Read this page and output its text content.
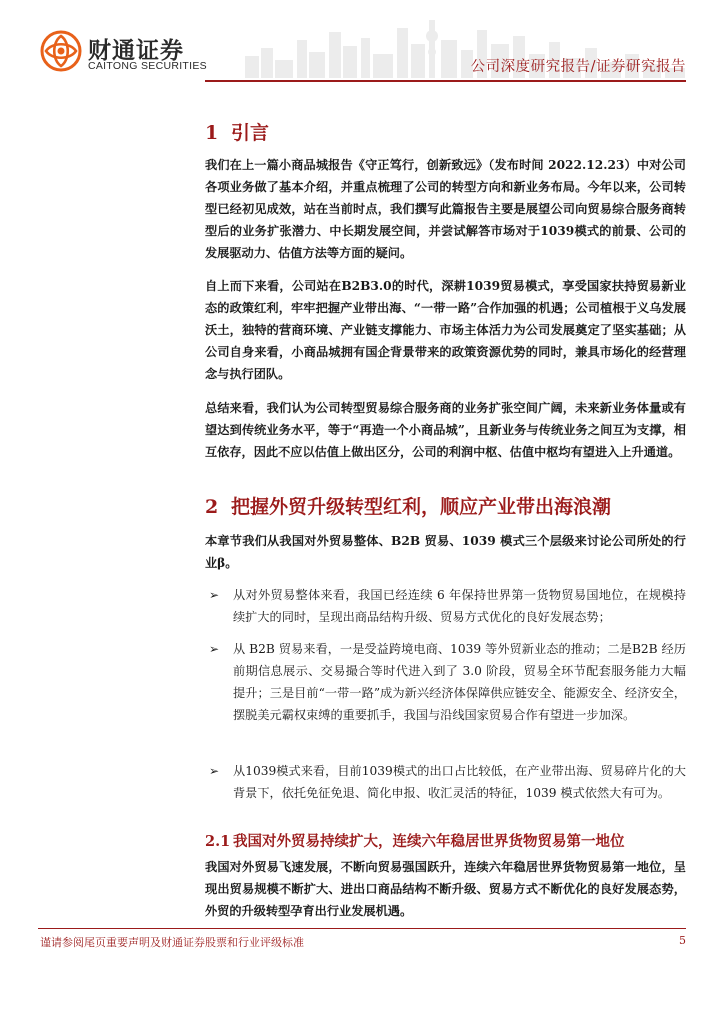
财通证券
CAITONG SECURITIES	公司深度研究报告/证券研究报告
1 引言

我们在上一篇小商品城报告《守正笃行，创新致远》（发布时间 2022.12.23）中对公司各项业务做了基本介绍，并重点梳理了公司的转型方向和新业务布局。今年以来，公司转型已经初见成效，站在当前时点，我们撰写此篇报告主要是展望公司向贸易综合服务商转型后的业务扩张潜力、中长期发展空间，并尝试解答市场对于1039模式的前景、公司的发展驱动力、估值方法等方面的疑问。

自上而下来看，公司站在B2B3.0的时代，深耕1039贸易模式，享受国家扶持贸易新业态的政策红利，牢牢把握产业带出海、“一带一路”合作加强的机遇；公司植根于义乌发展沃土，独特的营商环境、产业链支撑能力、市场主体活力为公司发展奠定了坚实基础；从公司自身来看，小商品城拥有国企背景带来的政策资源优势的同时，兼具市场化的经营理念与执行团队。

总结来看，我们认为公司转型贸易综合服务商的业务扩张空间广阔，未来新业务体量或有望达到传统业务水平，等于“再造一个小商品城”，且新业务与传统业务之间互为支撑，相互依存，因此不应以估值上做出区分，公司的利润中枢、估值中枢均有望进入上升通道。

2 把握外贸升级转型红利，顺应产业带出海浪潮

本章节我们从我国对外贸易整体、B2B 贸易、1039 模式三个层级来讨论公司所处的行业β。

➢ 从对外贸易整体来看，我国已经连续 6 年保持世界第一货物贸易国地位，在规模持续扩大的同时，呈现出商品结构升级、贸易方式优化的良好发展态势；

➢ 从 B2B 贸易来看，一是受益跨境电商、1039 等外贸新业态的推动；二是B2B 经历前期信息展示、交易撮合等时代进入到了 3.0 阶段，贸易全环节配套服务能力大幅提升；三是目前“一带一路”成为新兴经济体保障供应链安全、能源安全、经济安全，摆脱美元霸权束缚的重要抓手，我国与沿线国家贸易合作有望进一步加深。

➢ 从1039模式来看，目前1039模式的出口占比较低，在产业带出海、贸易碎片化的大背景下，依托免征免退、简化申报、收汇灵活的特征，1039 模式依然大有可为。

2.1 我国对外贸易持续扩大，连续六年稳居世界货物贸易第一地位

我国对外贸易飞速发展，不断向贸易强国跃升，连续六年稳居世界货物贸易第一地位，呈现出贸易规模不断扩大、进出口商品结构不断升级、贸易方式不断优化的良好发展态势，外贸的升级转型孕育出行业发展机遇。

谨请参阅尾页重要声明及财通证券股票和行业评级标准	5
